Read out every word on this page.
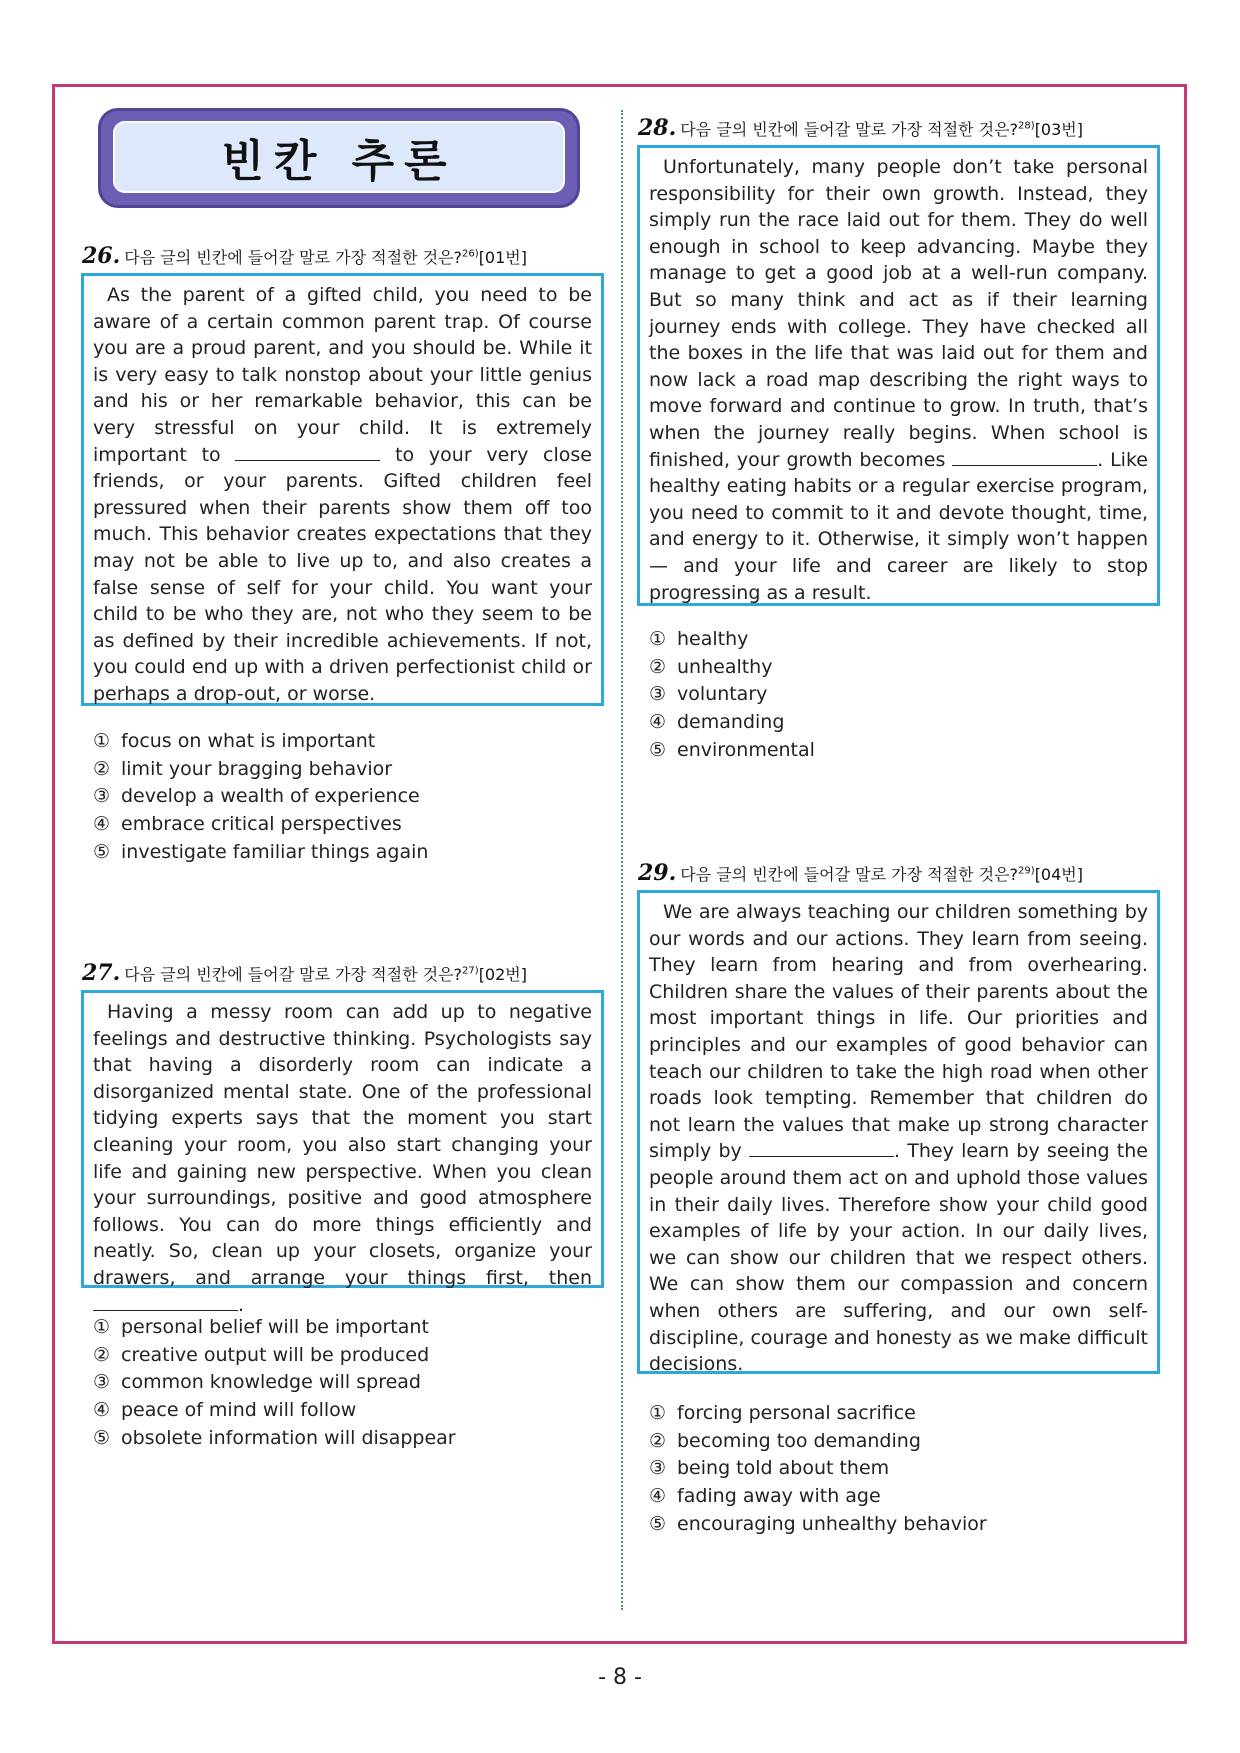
빈칸 추론
26. 다음 글의 빈칸에 들어갈 말로 가장 적절한 것은?$^{26)}$[01번]

As the parent of a gifted child, you need to be aware of a certain common parent trap. Of course you are a proud parent, and you should be. While it is very easy to talk nonstop about your little genius and his or her remarkable behavior, this can be very stressful on your child. It is extremely important to	to your very close friends, or your parents. Gifted children feel pressured when their parents show them off too much. This behavior creates expectations that they may not be able to live up to, and also creates a false sense of self for your child. You want your child to be who they are, not who they seem to be as defined by their incredible achievements. If not, you could end up with a driven perfectionist child or perhaps a drop-out, or worse.

① focus on what is important
② limit your bragging behavior
③ develop a wealth of experience
④ embrace critical perspectives
⑤ investigate familiar things again
27. 다음 글의 빈칸에 들어갈 말로 가장 적절한 것은?$^{27)}$[02번]

Having a messy room can add up to negative feelings and destructive thinking. Psychologists say that having a disorderly room can indicate a disorganized mental state. One of the professional tidying experts says that the moment you start cleaning your room, you also start changing your life and gaining new perspective. When you clean your surroundings, positive and good atmosphere follows. You can do more things efficiently and neatly. So, clean up your closets, organize your drawers, and arrange your things first, then .

① personal belief will be important
② creative output will be produced
③ common knowledge will spread
④ peace of mind will follow
⑤ obsolete information will disappear
28. 다음 글의 빈칸에 들어갈 말로 가장 적절한 것은?$^{28)}$[03번]

Unfortunately, many people don’t take personal responsibility for their own growth. Instead, they simply run the race laid out for them. They do well enough in school to keep advancing. Maybe they manage to get a good job at a well-run company. But so many think and act as if their learning journey ends with college. They have checked all the boxes in the life that was laid out for them and now lack a road map describing the right ways to move forward and continue to grow. In truth, that’s when the journey really begins. When school is finished, your growth becomes	. Like healthy eating habits or a regular exercise program, you need to commit to it and devote thought, time, and energy to it. Otherwise, it simply won’t happen — and your life and career are likely to stop progressing as a result.

① healthy
② unhealthy
③ voluntary
④ demanding
⑤ environmental
29. 다음 글의 빈칸에 들어갈 말로 가장 적절한 것은?$^{29)}$[04번]

We are always teaching our children something by our words and our actions. They learn from seeing. They learn from hearing and from overhearing. Children share the values of their parents about the most important things in life. Our priorities and principles and our examples of good behavior can teach our children to take the high road when other roads look tempting. Remember that children do not learn the values that make up strong character simply by	. They learn by seeing the people around them act on and uphold those values in their daily lives. Therefore show your child good examples of life by your action. In our daily lives, we can show our children that we respect others. We can show them our compassion and concern when others are suffering, and our own self-discipline, courage and honesty as we make difficult decisions.

① forcing personal sacrifice
② becoming too demanding
③ being told about them
④ fading away with age
⑤ encouraging unhealthy behavior
- 8 -
